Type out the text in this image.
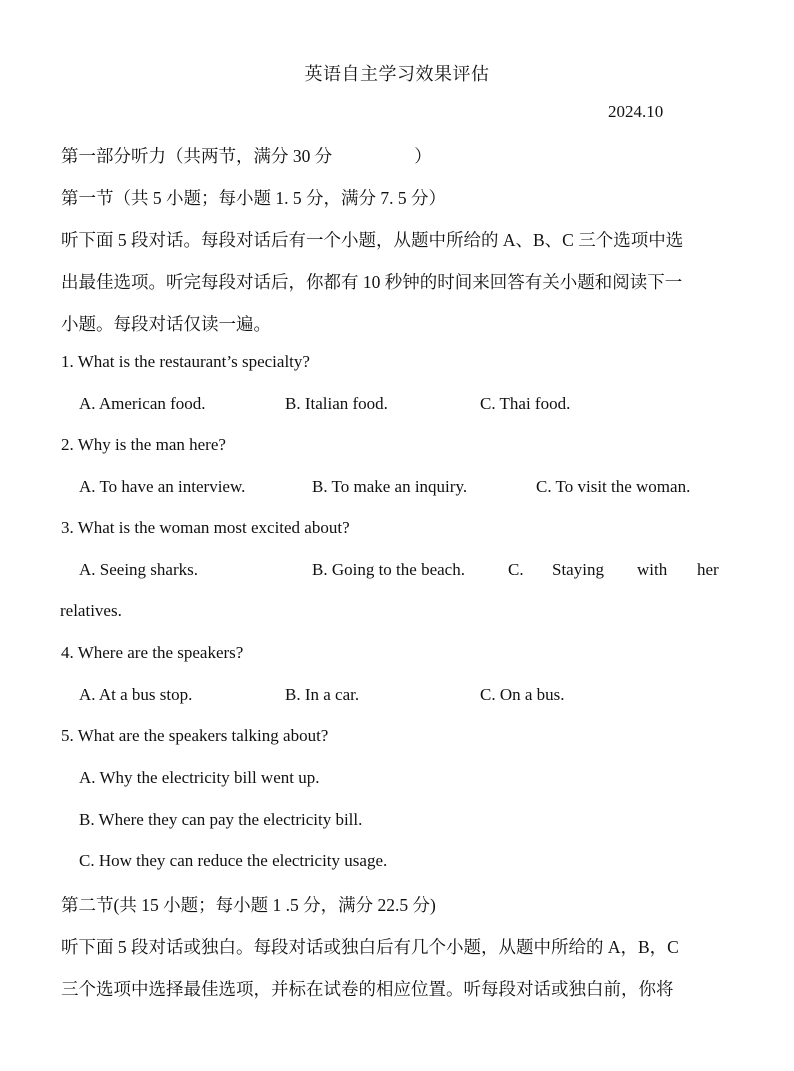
英语自主学习效果评估
2024.10
第一部分听力（共两节，满分 30 分	）
第一节（共 5 小题；每小题 1. 5 分，满分 7. 5 分）
听下面 5 段对话。每段对话后有一个小题，从题中所给的 A、B、C 三个选项中选
出最佳选项。听完每段对话后，你都有 10 秒钟的时间来回答有关小题和阅读下一
小题。每段对话仅读一遍。
1. What is the restaurant’s specialty?
A. American food.	B. Italian food.	C. Thai food.
2. Why is the man here?
A. To have an interview.	B. To make an inquiry.	C. To visit the woman.
3. What is the woman most excited about?
A. Seeing sharks.	B. Going to the beach.	C. Staying with her
relatives.
4. Where are the speakers?
A. At a bus stop.	B. In a car.	C. On a bus.
5. What are the speakers talking about?
A. Why the electricity bill went up.
B. Where they can pay the electricity bill.
C. How they can reduce the electricity usage.
第二节(共 15 小题；每小题 1 .5 分，满分 22.5 分)
听下面 5 段对话或独白。每段对话或独白后有几个小题，从题中所给的 A，B，C
三个选项中选择最佳选项，并标在试卷的相应位置。听每段对话或独白前，你将
